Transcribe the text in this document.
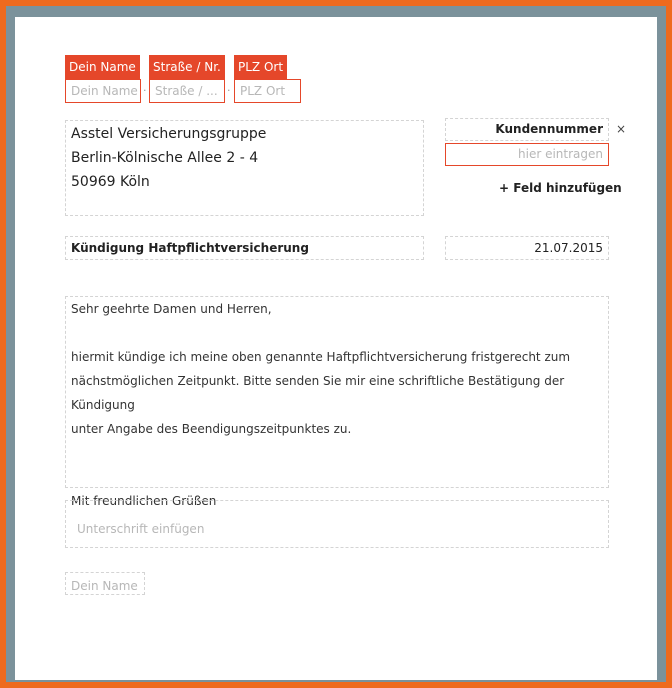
Dein Name	Straße / Nr.	PLZ Ort
Dein Name · Straße / ... · PLZ Ort
Asstel Versicherungsgruppe
Berlin-Kölnische Allee 2 - 4
50969 Köln
Kundennummer	×
hier eintragen
+ Feld hinzufügen
Kündigung Haftpflichtversicherung	21.07.2015

Sehr geehrte Damen und Herren,

hiermit kündige ich meine oben genannte Haftpflichtversicherung fristgerecht zum

nächstmöglichen Zeitpunkt. Bitte senden Sie mir eine schriftliche Bestätigung der Kündigung

unter Angabe des Beendigungszeitpunktes zu.

Mit freundlichen Grüßen

Unterschrift einfügen
Dein Name
